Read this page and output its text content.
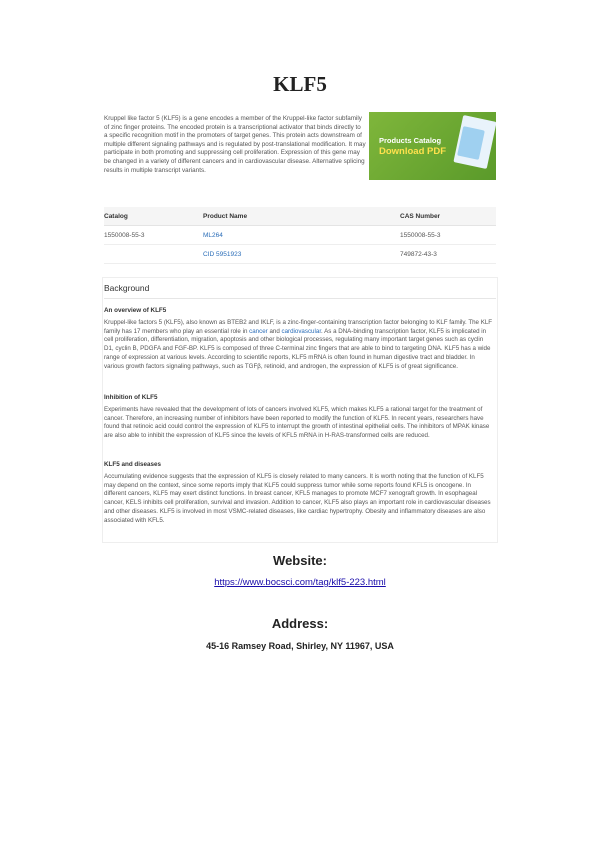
KLF5
Kruppel like factor 5 (KLF5) is a gene encodes a member of the Kruppel-like factor subfamily of zinc finger proteins. The encoded protein is a transcriptional activator that binds directly to a specific recognition motif in the promoters of target genes. This protein acts downstream of multiple different signaling pathways and is regulated by post-translational modification. It may participate in both promoting and suppressing cell proliferation. Expression of this gene may be changed in a variety of different cancers and in cardiovascular disease. Alternative splicing results in multiple transcript variants.
Products Catalog
Download PDF
Catalog	Product Name	CAS Number
1550008-55-3	ML264	1550008-55-3
	CID 5951923	749872-43-3
Background
An overview of KLF5

Kruppel-like factors 5 (KLF5), also known as BTEB2 and IKLF, is a zinc-finger-containing transcription factor belonging to KLF family. The KLF family has 17 members who play an essential role in cancer and cardiovascular. As a DNA-binding transcription factor, KLF5 is implicated in cell proliferation, differentiation, migration, apoptosis and other biological processes, regulating many important target genes such as cyclin D1, cyclin B, PDGFA and FGF-BP. KLF5 is composed of three C-terminal zinc fingers that are able to bind to targeting DNA. KLF5 has a wide range of expression at various levels. According to scientific reports, KLF5 mRNA is often found in human digestive tract and bladder. In various growth factors signaling pathways, such as TGFβ, retinoid, and androgen, the expression of KLF5 is of great significance.

Inhibition of KLF5

Experiments have revealed that the development of lots of cancers involved KLF5, which makes KLF5 a rational target for the treatment of cancer. Therefore, an increasing number of inhibitors have been reported to modify the function of KLF5. In recent years, researchers have found that retinoic acid could control the expression of KLF5 to interrupt the growth of intestinal epithelial cells. The inhibitors of MPAK kinase are also able to inhibit the expression of KLF5 since the levels of KFL5 mRNA in H-RAS-transformed cells are reduced.

KLF5 and diseases

Accumulating evidence suggests that the expression of KLF5 is closely related to many cancers. It is worth noting that the function of KLF5 may depend on the context, since some reports imply that KLF5 could suppress tumor while some reports found KFL5 is oncogene. In different cancers, KLF5 may exert distinct functions. In breast cancer, KFL5 manages to promote MCF7 xenograft growth. In esophageal cancer, KELS inhibits cell proliferation, survival and invasion. Addition to cancer, KLF5 also plays an important role in cardiovascular diseases and other diseases. KLF5 is involved in most VSMC-related diseases, like cardiac hypertrophy. Obesity and inflammatory diseases are also associated with KFL5.

Website:
https://www.bocsci.com/tag/klf5-223.html
Address:
45-16 Ramsey Road, Shirley, NY 11967, USA
